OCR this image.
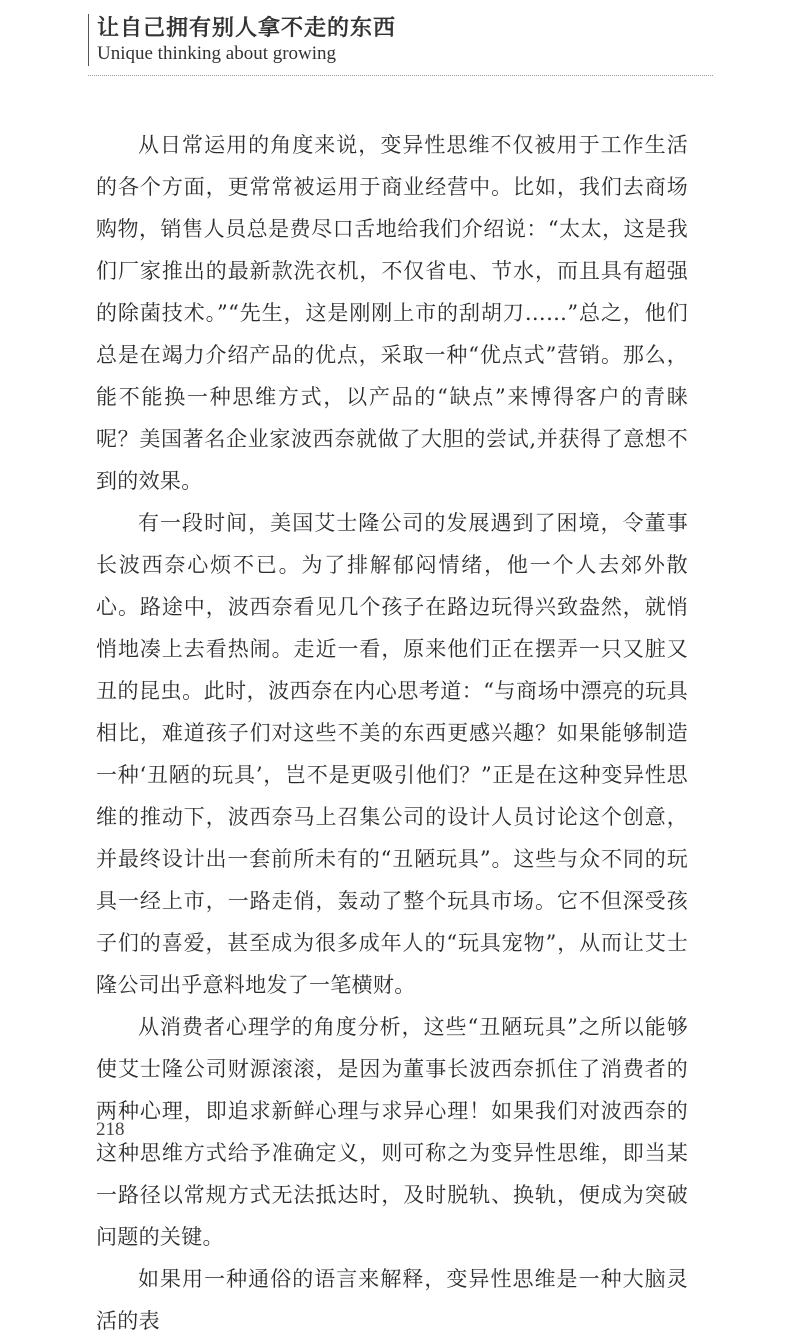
让自己拥有别人拿不走的东西
Unique thinking about growing

从日常运用的角度来说，变异性思维不仅被用于工作生活的各个方面，更常常被运用于商业经营中。比如，我们去商场购物，销售人员总是费尽口舌地给我们介绍说：“太太，这是我们厂家推出的最新款洗衣机，不仅省电、节水，而且具有超强的除菌技术。”“先生，这是刚刚上市的刮胡刀……”总之，他们总是在竭力介绍产品的优点，采取一种“优点式”营销。那么，能不能换一种思维方式，以产品的“缺点”来博得客户的青睐呢？美国著名企业家波西奈就做了大胆的尝试,并获得了意想不到的效果。

有一段时间，美国艾士隆公司的发展遇到了困境，令董事长波西奈心烦不已。为了排解郁闷情绪，他一个人去郊外散心。路途中，波西奈看见几个孩子在路边玩得兴致盎然，就悄悄地凑上去看热闹。走近一看，原来他们正在摆弄一只又脏又丑的昆虫。此时，波西奈在内心思考道：“与商场中漂亮的玩具相比，难道孩子们对这些不美的东西更感兴趣？如果能够制造一种‘丑陋的玩具’，岂不是更吸引他们？”正是在这种变异性思维的推动下，波西奈马上召集公司的设计人员讨论这个创意，并最终设计出一套前所未有的“丑陋玩具”。这些与众不同的玩具一经上市，一路走俏，轰动了整个玩具市场。它不但深受孩子们的喜爱，甚至成为很多成年人的“玩具宠物”，从而让艾士隆公司出乎意料地发了一笔横财。

从消费者心理学的角度分析，这些“丑陋玩具”之所以能够使艾士隆公司财源滚滚，是因为董事长波西奈抓住了消费者的两种心理，即追求新鲜心理与求异心理！如果我们对波西奈的这种思维方式给予准确定义，则可称之为变异性思维，即当某一路径以常规方式无法抵达时，及时脱轨、换轨，便成为突破问题的关键。

如果用一种通俗的语言来解释，变异性思维是一种大脑灵活的表

218
